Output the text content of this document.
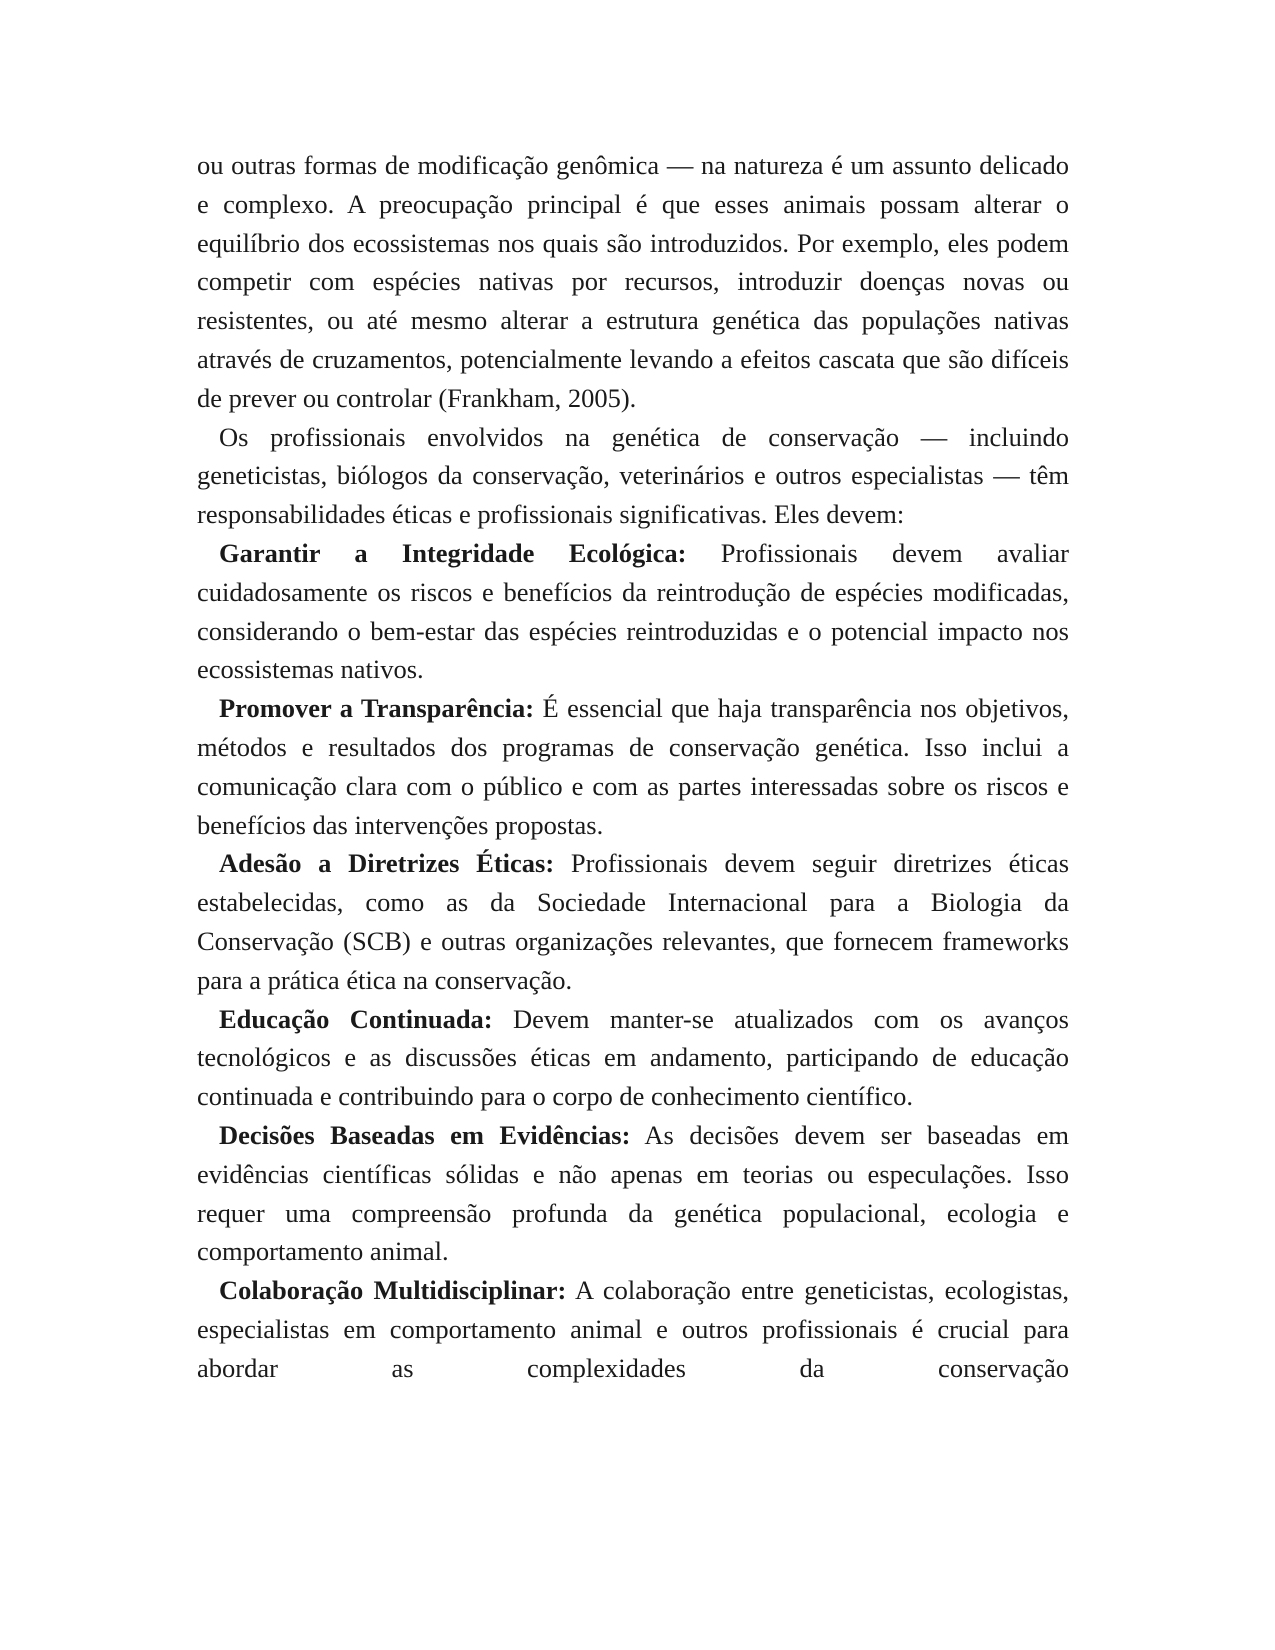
ou outras formas de modificação genômica — na natureza é um assunto delicado e complexo. A preocupação principal é que esses animais possam alterar o equilíbrio dos ecossistemas nos quais são introduzidos. Por exemplo, eles podem competir com espécies nativas por recursos, introduzir doenças novas ou resistentes, ou até mesmo alterar a estrutura genética das populações nativas através de cruzamentos, potencialmente levando a efeitos cascata que são difíceis de prever ou controlar (Frankham, 2005).

Os profissionais envolvidos na genética de conservação — incluindo geneticistas, biólogos da conservação, veterinários e outros especialistas — têm responsabilidades éticas e profissionais significativas. Eles devem:

Garantir a Integridade Ecológica: Profissionais devem avaliar cuidadosamente os riscos e benefícios da reintrodução de espécies modificadas, considerando o bem-estar das espécies reintroduzidas e o potencial impacto nos ecossistemas nativos.

Promover a Transparência: É essencial que haja transparência nos objetivos, métodos e resultados dos programas de conservação genética. Isso inclui a comunicação clara com o público e com as partes interessadas sobre os riscos e benefícios das intervenções propostas.

Adesão a Diretrizes Éticas: Profissionais devem seguir diretrizes éticas estabelecidas, como as da Sociedade Internacional para a Biologia da Conservação (SCB) e outras organizações relevantes, que fornecem frameworks para a prática ética na conservação.

Educação Continuada: Devem manter-se atualizados com os avanços tecnológicos e as discussões éticas em andamento, participando de educação continuada e contribuindo para o corpo de conhecimento científico.

Decisões Baseadas em Evidências: As decisões devem ser baseadas em evidências científicas sólidas e não apenas em teorias ou especulações. Isso requer uma compreensão profunda da genética populacional, ecologia e comportamento animal.

Colaboração Multidisciplinar: A colaboração entre geneticistas, ecologistas, especialistas em comportamento animal e outros profissionais é crucial para abordar as complexidades da conservação
